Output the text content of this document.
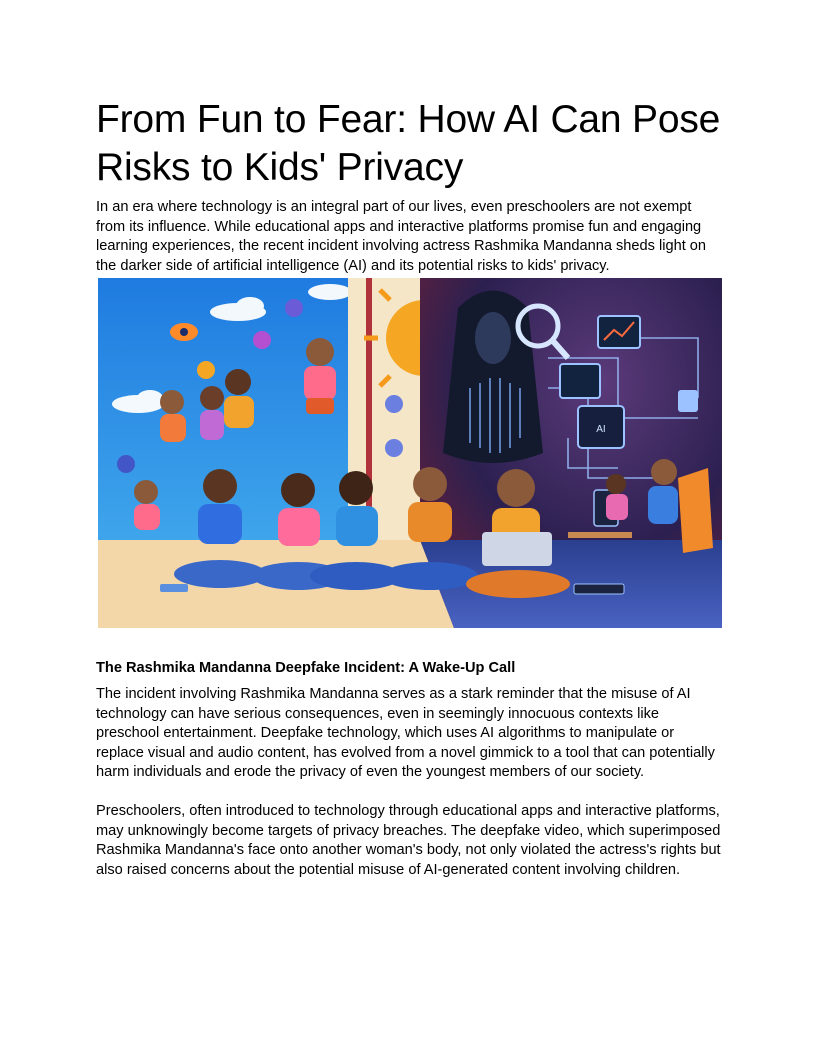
From Fun to Fear: How AI Can Pose Risks to Kids' Privacy

In an era where technology is an integral part of our lives, even preschoolers are not exempt from its influence. While educational apps and interactive platforms promise fun and engaging learning experiences, the recent incident involving actress Rashmika Mandanna sheds light on the darker side of artificial intelligence (AI) and its potential risks to kids' privacy.

AI
The Rashmika Mandanna Deepfake Incident: A Wake-Up Call

The incident involving Rashmika Mandanna serves as a stark reminder that the misuse of AI technology can have serious consequences, even in seemingly innocuous contexts like preschool entertainment. Deepfake technology, which uses AI algorithms to manipulate or replace visual and audio content, has evolved from a novel gimmick to a tool that can potentially harm individuals and erode the privacy of even the youngest members of our society.

Preschoolers, often introduced to technology through educational apps and interactive platforms, may unknowingly become targets of privacy breaches. The deepfake video, which superimposed Rashmika Mandanna's face onto another woman's body, not only violated the actress's rights but also raised concerns about the potential misuse of AI-generated content involving children.
